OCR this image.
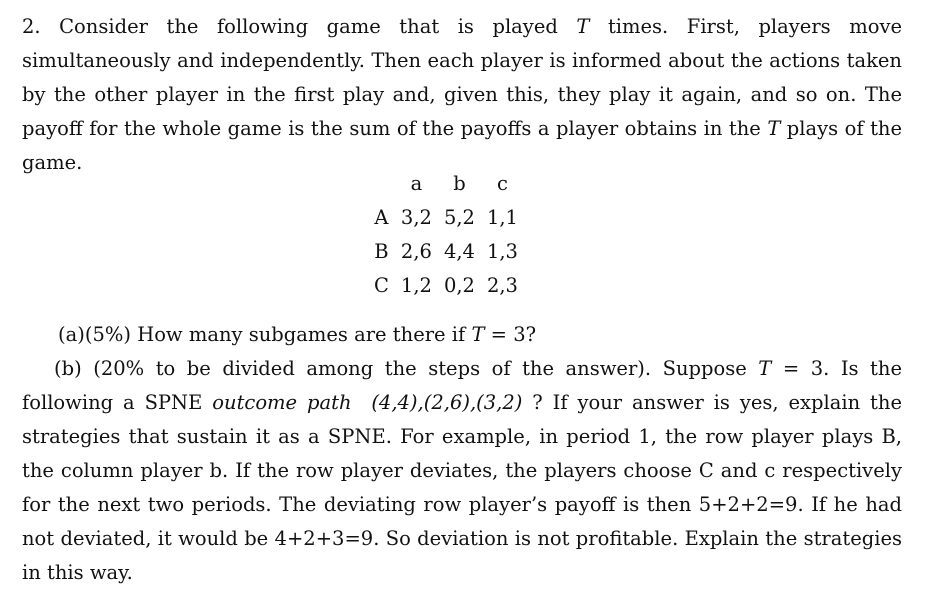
2. Consider the following game that is played T times. First, players move simultaneously and independently. Then each player is informed about the actions taken by the other player in the first play and, given this, they play it again, and so on. The payoff for the whole game is the sum of the payoffs a player obtains in the T plays of the game.
	a	b	c
A	3,2	5,2	1,1
B	2,6	4,4	1,3
C	1,2	0,2	2,3
(a)(5%) How many subgames are there if T = 3?
(b) (20% to be divided among the steps of the answer). Suppose T = 3. Is the following a SPNE outcome path (4,4),(2,6),(3,2) ? If your answer is yes, explain the strategies that sustain it as a SPNE. For example, in period 1, the row player plays B, the column player b. If the row player deviates, the players choose C and c respectively for the next two periods. The deviating row player’s payoff is then 5+2+2=9. If he had not deviated, it would be 4+2+3=9. So deviation is not profitable. Explain the strategies in this way.
